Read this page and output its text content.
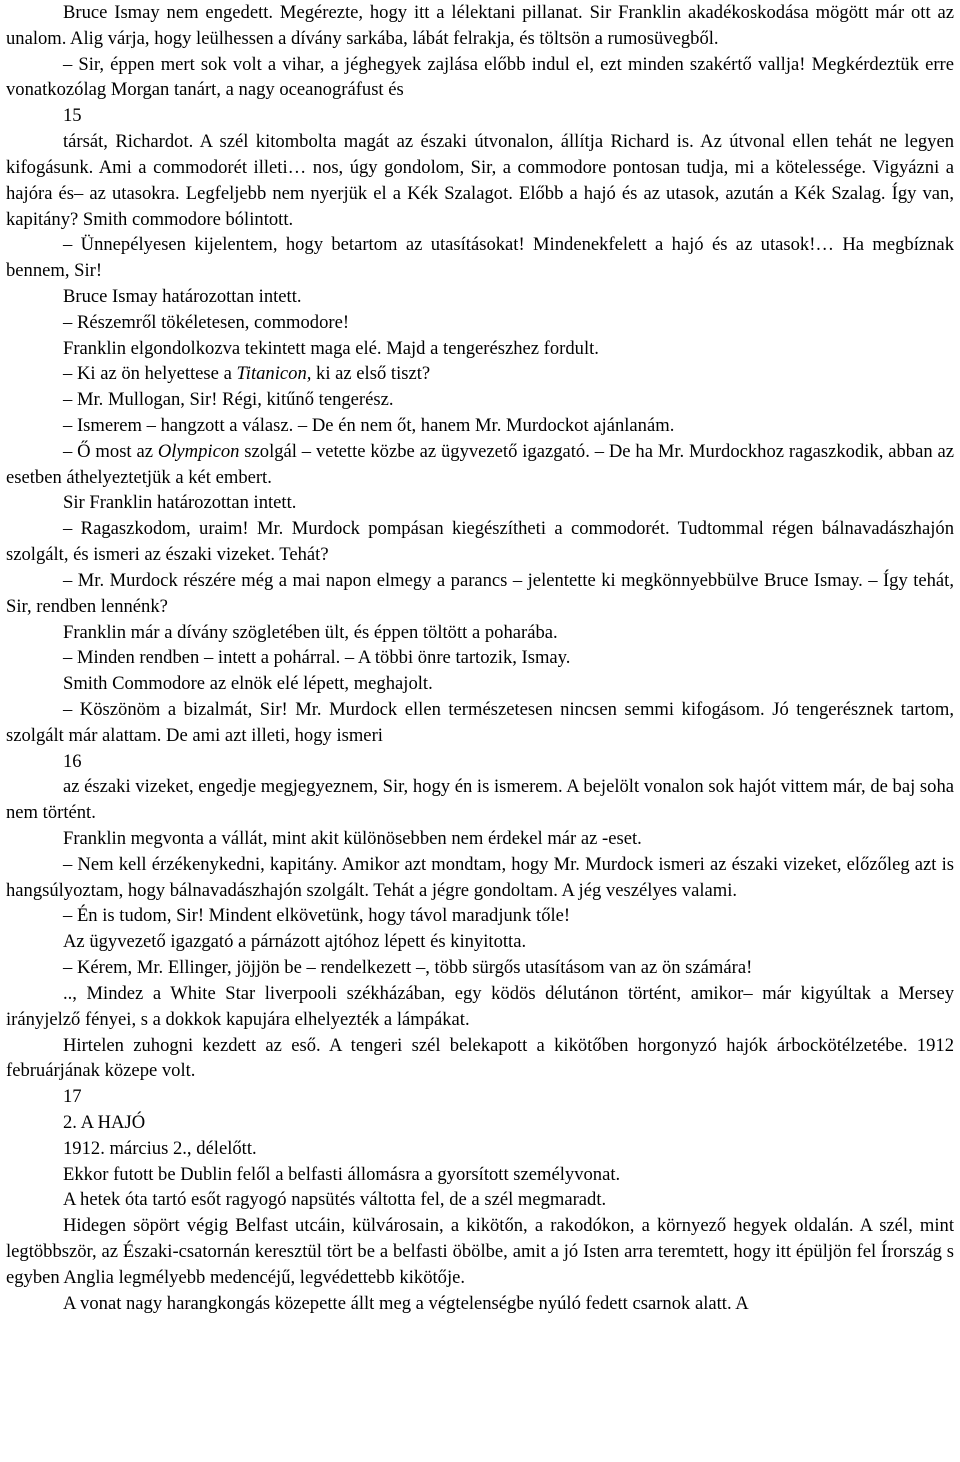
Bruce Ismay nem engedett. Megérezte, hogy itt a lélektani pillanat. Sir Franklin akadékoskodása mögött már ott az unalom. Alig várja, hogy leülhessen a dívány sarkába, lábát felrakja, és töltsön a rumosüvegből.

– Sir, éppen mert sok volt a vihar, a jéghegyek zajlása előbb indul el, ezt minden szakértő vallja! Megkérdeztük erre vonatkozólag Morgan tanárt, a nagy oceanográfust és

15

társát, Richardot. A szél kitombolta magát az északi útvonalon, állítja Richard is. Az útvonal ellen tehát ne legyen kifogásunk. Ami a commodorét illeti… nos, úgy gondolom, Sir, a commodore pontosan tudja, mi a kötelessége. Vigyázni a hajóra és– az utasokra. Legfeljebb nem nyerjük el a Kék Szalagot. Előbb a hajó és az utasok, azután a Kék Szalag. Így van, kapitány? Smith commodore bólintott.

– Ünnepélyesen kijelentem, hogy betartom az utasításokat! Mindenekfelett a hajó és az utasok!… Ha megbíznak bennem, Sir!

Bruce Ismay határozottan intett.

– Részemről tökéletesen, commodore!

Franklin elgondolkozva tekintett maga elé. Majd a tengerészhez fordult.

– Ki az ön helyettese a Titanicon, ki az első tiszt?

– Mr. Mullogan, Sir! Régi, kitűnő tengerész.

– Ismerem – hangzott a válasz. – De én nem őt, hanem Mr. Murdockot ajánlanám.

– Ő most az Olympicon szolgál – vetette közbe az ügyvezető igazgató. – De ha Mr. Murdockhoz ragaszkodik, abban az esetben áthelyeztetjük a két embert.

Sir Franklin határozottan intett.

– Ragaszkodom, uraim! Mr. Murdock pompásan kiegészítheti a commodorét. Tudtommal régen bálnavadászhajón szolgált, és ismeri az északi vizeket. Tehát?

– Mr. Murdock részére még a mai napon elmegy a parancs – jelentette ki megkönnyebbülve Bruce Ismay. – Így tehát, Sir, rendben lennénk?

Franklin már a dívány szögletében ült, és éppen töltött a poharába.

– Minden rendben – intett a pohárral. – A többi önre tartozik, Ismay.

Smith Commodore az elnök elé lépett, meghajolt.

– Köszönöm a bizalmát, Sir! Mr. Murdock ellen természetesen nincsen semmi kifogásom. Jó tengerésznek tartom, szolgált már alattam. De ami azt illeti, hogy ismeri

16

az északi vizeket, engedje megjegyeznem, Sir, hogy én is ismerem. A bejelölt vonalon sok hajót vittem már, de baj soha nem történt.

Franklin megvonta a vállát, mint akit különösebben nem érdekel már az -eset.

– Nem kell érzékenykedni, kapitány. Amikor azt mondtam, hogy Mr. Murdock ismeri az északi vizeket, előzőleg azt is hangsúlyoztam, hogy bálnavadászhajón szolgált. Tehát a jégre gondoltam. A jég veszélyes valami.

– Én is tudom, Sir! Mindent elkövetünk, hogy távol maradjunk tőle!

Az ügyvezető igazgató a párnázott ajtóhoz lépett és kinyitotta.

– Kérem, Mr. Ellinger, jöjjön be – rendelkezett –, több sürgős utasításom van az ön számára!

.., Mindez a White Star liverpooli székházában, egy ködös délutánon történt, amikor– már kigyúltak a Mersey irányjelző fényei, s a dokkok kapujára elhelyezték a lámpákat.

Hirtelen zuhogni kezdett az eső. A tengeri szél belekapott a kikötőben horgonyzó hajók árbockötélzetébe. 1912 februárjának közepe volt.

17

2. A HAJÓ

1912. március 2., délelőtt.

Ekkor futott be Dublin felől a belfasti állomásra a gyorsított személyvonat.

A hetek óta tartó esőt ragyogó napsütés váltotta fel, de a szél megmaradt.

Hidegen söpört végig Belfast utcáin, külvárosain, a kikötőn, a rakodókon, a környező hegyek oldalán. A szél, mint legtöbbször, az Északi-csatornán keresztül tört be a belfasti öbölbe, amit a jó Isten arra teremtett, hogy itt épüljön fel Írország s egyben Anglia legmélyebb medencéjű, legvédettebb kikötője.

A vonat nagy harangkongás közepette állt meg a végtelenségbe nyúló fedett csarnok alatt. A
